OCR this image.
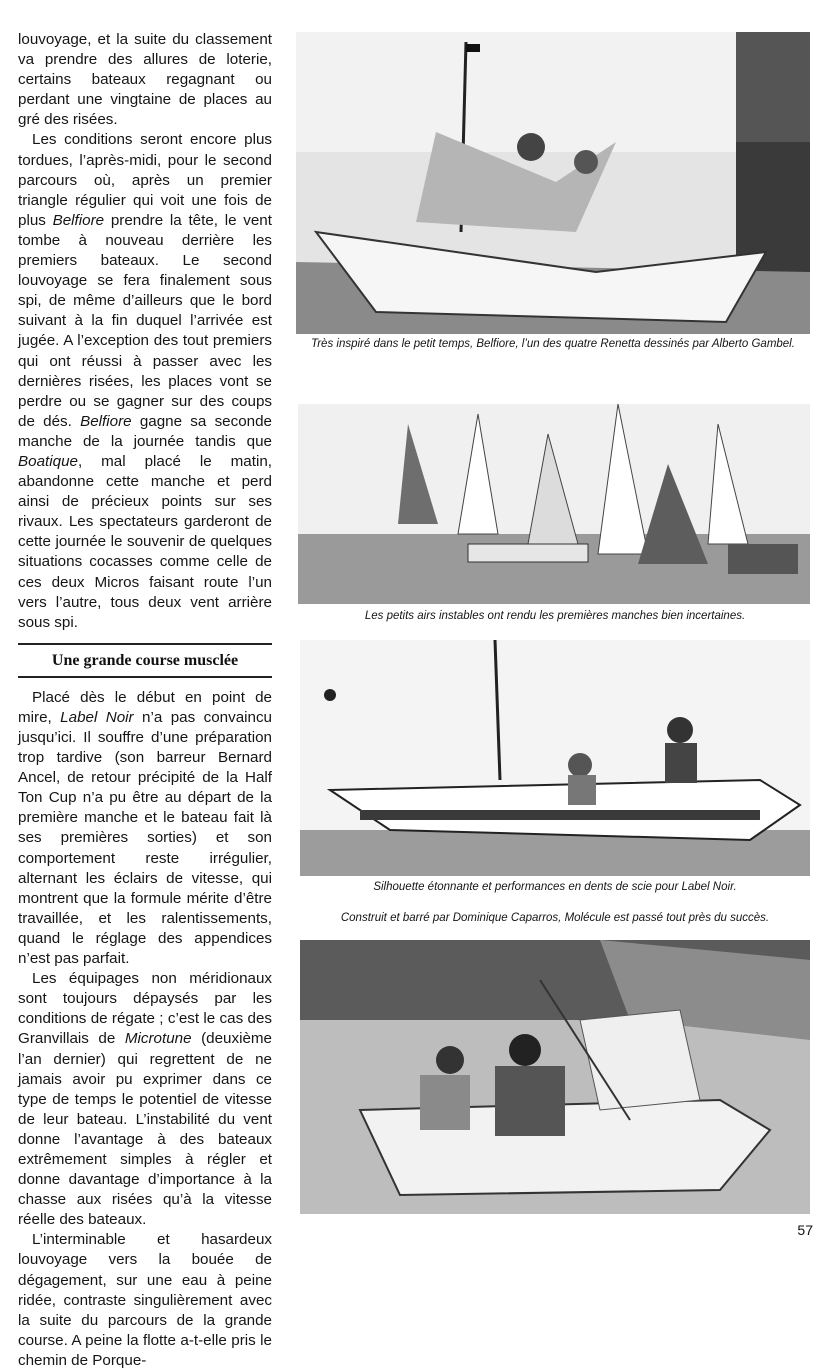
louvoyage, et la suite du classement va prendre des allures de loterie, certains bateaux regagnant ou perdant une vingtaine de places au gré des risées.

Les conditions seront encore plus tordues, l’après-midi, pour le second parcours où, après un premier triangle régulier qui voit une fois de plus Belfiore prendre la tête, le vent tombe à nouveau derrière les premiers bateaux. Le second louvoyage se fera finalement sous spi, de même d’ailleurs que le bord suivant à la fin duquel l’arrivée est jugée. A l’exception des tout premiers qui ont réussi à passer avec les dernières risées, les places vont se perdre ou se gagner sur des coups de dés. Belfiore gagne sa seconde manche de la journée tandis que Boatique, mal placé le matin, abandonne cette manche et perd ainsi de précieux points sur ses rivaux. Les spectateurs garderont de cette journée le souvenir de quelques situations cocasses comme celle de ces deux Micros faisant route l’un vers l’autre, tous deux vent arrière sous spi.

Une grande course musclée

Placé dès le début en point de mire, Label Noir n’a pas convaincu jusqu’ici. Il souffre d’une préparation trop tardive (son barreur Bernard Ancel, de retour précipité de la Half Ton Cup n’a pu être au départ de la première manche et le bateau fait là ses premières sorties) et son comportement reste irrégulier, alternant les éclairs de vitesse, qui montrent que la formule mérite d’être travaillée, et les ralentissements, quand le réglage des appendices n’est pas parfait.

Les équipages non méridionaux sont toujours dépaysés par les conditions de régate ; c’est le cas des Granvillais de Microtune (deuxième l’an dernier) qui regrettent de ne jamais avoir pu exprimer dans ce type de temps le potentiel de vitesse de leur bateau. L’instabilité du vent donne l’avantage à des bateaux extrêmement simples à régler et donne davantage d’importance à la chasse aux risées qu’à la vitesse réelle des bateaux.

L’interminable et hasardeux louvoyage vers la bouée de dégagement, sur une eau à peine ridée, contraste singulièrement avec la suite du parcours de la grande course. A peine la flotte a-t-elle pris le chemin de Porque-

Très inspiré dans le petit temps, Belfiore, l’un des quatre Renetta dessinés par Alberto Gambel.
Les petits airs instables ont rendu les premières manches bien incertaines.
Silhouette étonnante et performances en dents de scie pour Label Noir.
Construit et barré par Dominique Caparros, Molécule est passé tout près du succès.
57
